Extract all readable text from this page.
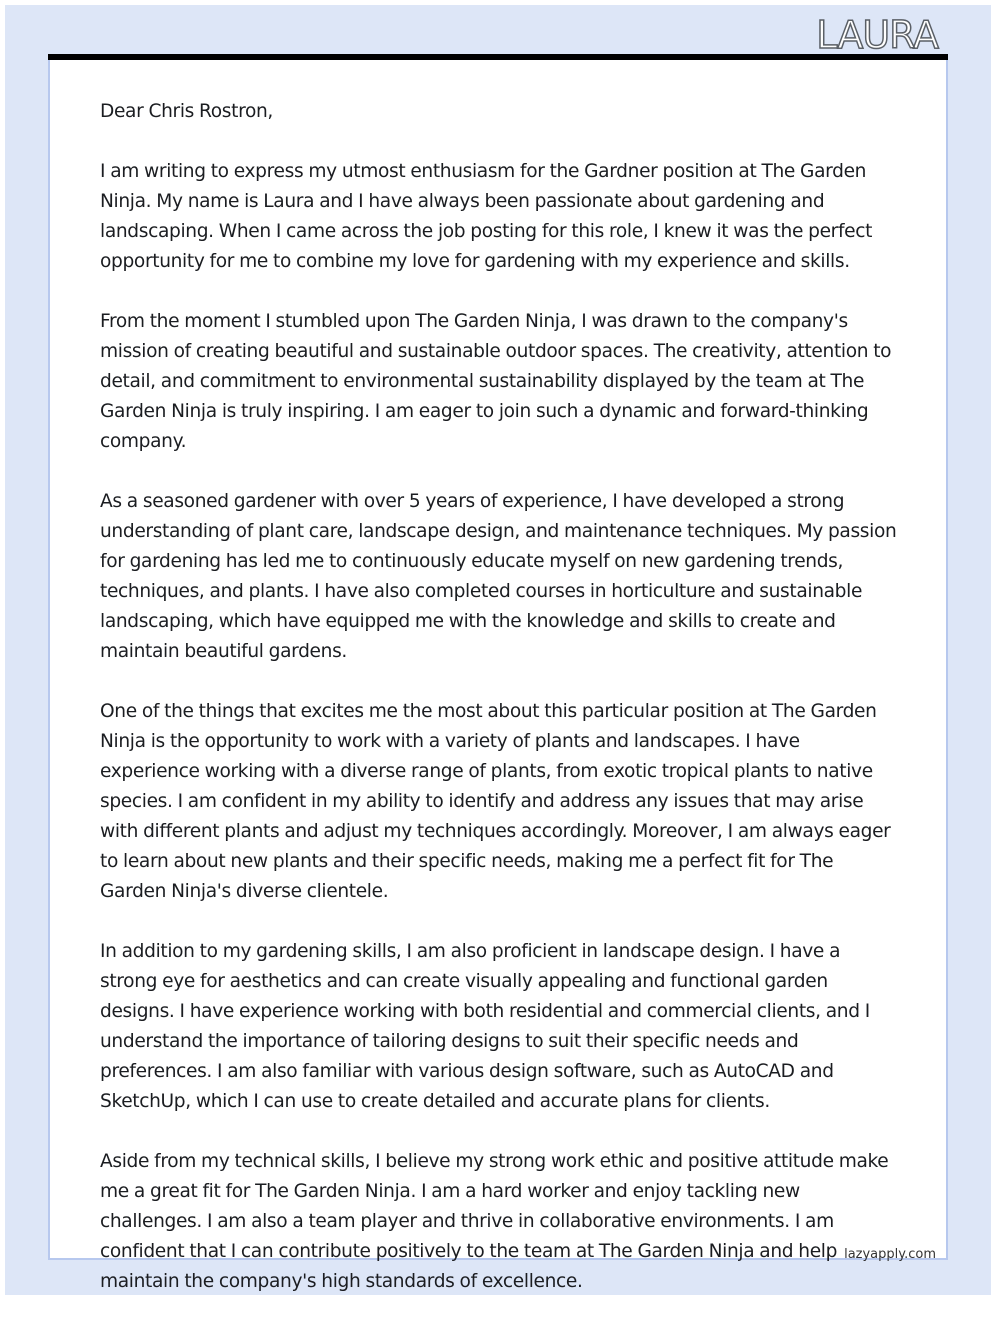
LAURA

Dear Chris Rostron,

I am writing to express my utmost enthusiasm for the Gardner position at The Garden Ninja. My name is Laura and I have always been passionate about gardening and landscaping. When I came across the job posting for this role, I knew it was the perfect opportunity for me to combine my love for gardening with my experience and skills.

From the moment I stumbled upon The Garden Ninja, I was drawn to the company's mission of creating beautiful and sustainable outdoor spaces. The creativity, attention to detail, and commitment to environmental sustainability displayed by the team at The Garden Ninja is truly inspiring. I am eager to join such a dynamic and forward-thinking company.

As a seasoned gardener with over 5 years of experience, I have developed a strong understanding of plant care, landscape design, and maintenance techniques. My passion for gardening has led me to continuously educate myself on new gardening trends, techniques, and plants. I have also completed courses in horticulture and sustainable landscaping, which have equipped me with the knowledge and skills to create and maintain beautiful gardens.

One of the things that excites me the most about this particular position at The Garden Ninja is the opportunity to work with a variety of plants and landscapes. I have experience working with a diverse range of plants, from exotic tropical plants to native species. I am confident in my ability to identify and address any issues that may arise with different plants and adjust my techniques accordingly. Moreover, I am always eager to learn about new plants and their specific needs, making me a perfect fit for The Garden Ninja's diverse clientele.

In addition to my gardening skills, I am also proficient in landscape design. I have a strong eye for aesthetics and can create visually appealing and functional garden designs. I have experience working with both residential and commercial clients, and I understand the importance of tailoring designs to suit their specific needs and preferences. I am also familiar with various design software, such as AutoCAD and SketchUp, which I can use to create detailed and accurate plans for clients.

Aside from my technical skills, I believe my strong work ethic and positive attitude make me a great fit for The Garden Ninja. I am a hard worker and enjoy tackling new challenges. I am also a team player and thrive in collaborative environments. I am confident that I can contribute positively to the team at The Garden Ninja and help maintain the company's high standards of excellence.

lazyapply.com
